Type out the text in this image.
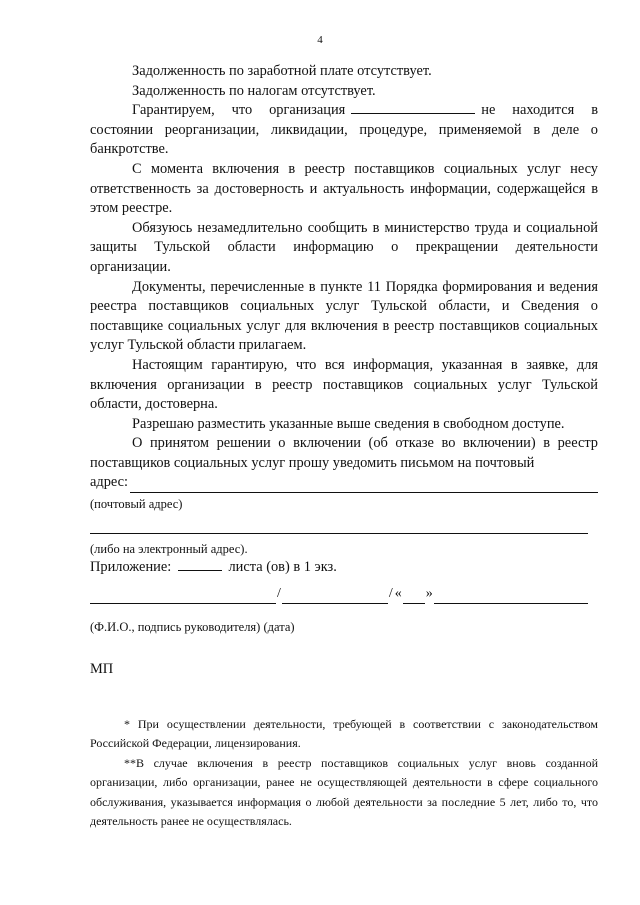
4

Задолженность по заработной плате отсутствует.

Задолженность по налогам отсутствует.

Гарантируем, что организация	не находится в состоянии реорганизации, ликвидации, процедуре, применяемой в деле о банкротстве.

С момента включения в реестр поставщиков социальных услуг несу ответственность за достоверность и актуальность информации, содержащейся в этом реестре.

Обязуюсь незамедлительно сообщить в министерство труда и социальной защиты Тульской области информацию о прекращении деятельности организации.

Документы, перечисленные в пункте 11 Порядка формирования и ведения реестра поставщиков социальных услуг Тульской области, и Сведения о поставщике социальных услуг для включения в реестр поставщиков социальных услуг Тульской области прилагаем.

Настоящим гарантирую, что вся информация, указанная в заявке, для включения организации в реестр поставщиков социальных услуг Тульской области, достоверна.

Разрешаю разместить указанные выше сведения в свободном доступе.

О принятом решении о включении (об отказе во включении) в реестр поставщиков социальных услуг прошу уведомить письмом на почтовый

адрес:

(почтовый адрес)

(либо на электронный адрес).

Приложение:	листа (ов) в 1 экз.
/	/ « »

(Ф.И.О., подпись руководителя) (дата)

МП

* При осуществлении деятельности, требующей в соответствии с законодательством Российской Федерации, лицензирования.

**В случае включения в реестр поставщиков социальных услуг вновь созданной организации, либо организации, ранее не осуществляющей деятельности в сфере социального обслуживания, указывается информация о любой деятельности за последние 5 лет, либо то, что деятельность ранее не осуществлялась.
